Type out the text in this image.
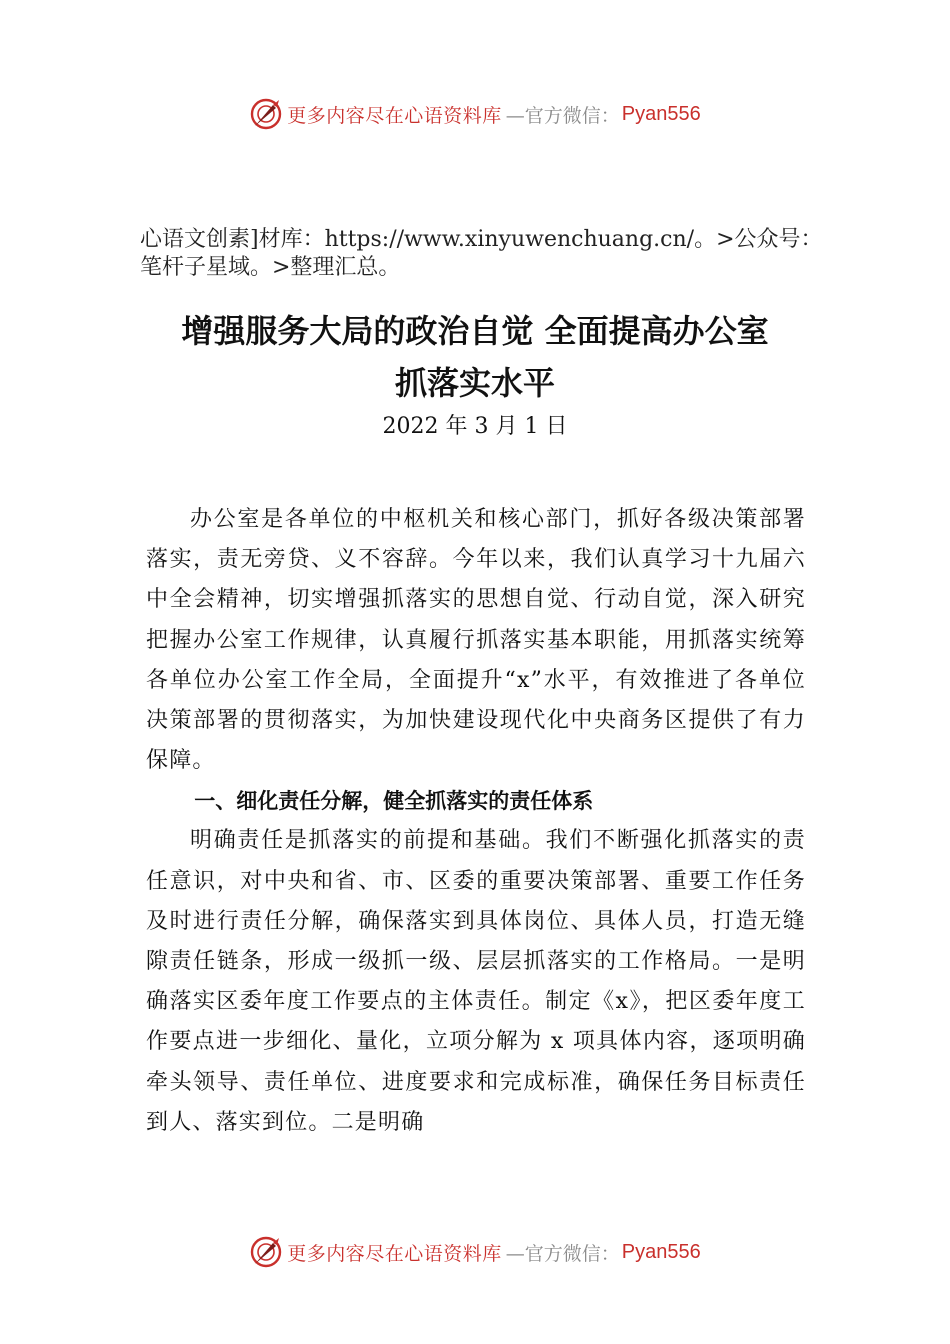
更多内容尽在心语资料库 —官方微信： Pyan556
心语文创素]材库：https://www.xinyuwenchuang.cn/。>公众号：笔杆子星域。>整理汇总。
增强服务大局的政治自觉 全面提高办公室
抓落实水平
2022 年 3 月 1 日

办公室是各单位的中枢机关和核心部门，抓好各级决策部署落实，责无旁贷、义不容辞。今年以来，我们认真学习十九届六中全会精神，切实增强抓落实的思想自觉、行动自觉，深入研究把握办公室工作规律，认真履行抓落实基本职能，用抓落实统筹各单位办公室工作全局，全面提升“x”水平，有效推进了各单位决策部署的贯彻落实，为加快建设现代化中央商务区提供了有力保障。

一、细化责任分解，健全抓落实的责任体系

明确责任是抓落实的前提和基础。我们不断强化抓落实的责任意识，对中央和省、市、区委的重要决策部署、重要工作任务及时进行责任分解，确保落实到具体岗位、具体人员，打造无缝隙责任链条，形成一级抓一级、层层抓落实的工作格局。一是明确落实区委年度工作要点的主体责任。制定《x》，把区委年度工作要点进一步细化、量化，立项分解为 x 项具体内容，逐项明确牵头领导、责任单位、进度要求和完成标准，确保任务目标责任到人、落实到位。二是明确

更多内容尽在心语资料库 —官方微信： Pyan556
